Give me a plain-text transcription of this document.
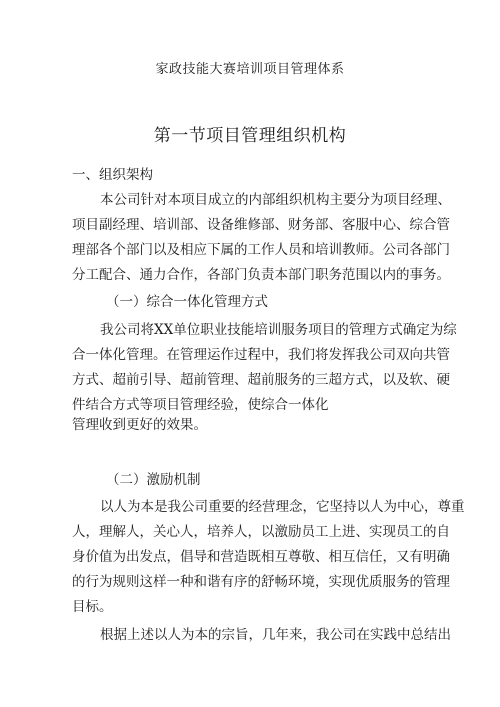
家政技能大赛培训项目管理体系
第一节项目管理组织机构
一、组织架构
本公司针对本项目成立的内部组织机构主要分为项目经理、
项目副经理、培训部、设备维修部、财务部、客服中心、综合管
理部各个部门以及相应下属的工作人员和培训教师。公司各部门
分工配合、通力合作，各部门负责本部门职务范围以内的事务。
（一）综合一体化管理方式
我公司将XX单位职业技能培训服务项目的管理方式确定为综
合一体化管理。在管理运作过程中，我们将发挥我公司双向共管
方式、超前引导、超前管理、超前服务的三超方式，以及软、硬
件结合方式等项目管理经验，使综合一体化
管理收到更好的效果。
（二）激励机制
以人为本是我公司重要的经营理念，它坚持以人为中心，尊重
人，理解人，关心人，培养人，以激励员工上进、实现员工的自
身价值为出发点，倡导和营造既相互尊敬、相互信任，又有明确
的行为规则这样一种和谐有序的舒畅环境，实现优质服务的管理
目标。
根据上述以人为本的宗旨，几年来，我公司在实践中总结出
